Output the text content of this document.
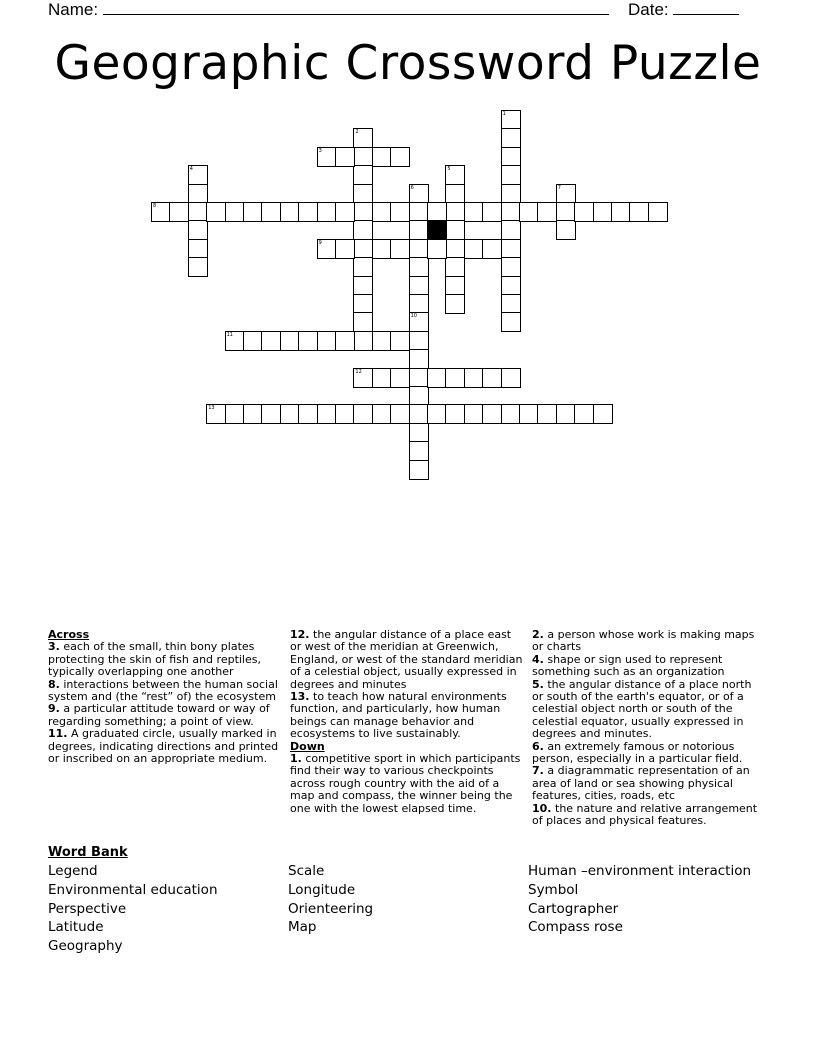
Name:	Date:
Geographic Crossword Puzzle
1
2
3
4	5
6	7
8
9
10
11
12
13

Across

3. each of the small, thin bony plates protecting the skin of fish and reptiles, typically overlapping one another

8. interactions between the human social system and (the “rest” of) the ecosystem

9. a particular attitude toward or way of regarding something; a point of view.

11. A graduated circle, usually marked in degrees, indicating directions and printed or inscribed on an appropriate medium.

12. the angular distance of a place east or west of the meridian at Greenwich, England, or west of the standard meridian of a celestial object, usually expressed in degrees and minutes

13. to teach how natural environments function, and particularly, how human beings can manage behavior and ecosystems to live sustainably.

Down

1. competitive sport in which participants find their way to various checkpoints across rough country with the aid of a map and compass, the winner being the one with the lowest elapsed time.

2. a person whose work is making maps or charts

4. shape or sign used to represent something such as an organization

5. the angular distance of a place north or south of the earth's equator, or of a celestial object north or south of the celestial equator, usually expressed in degrees and minutes.

6. an extremely famous or notorious person, especially in a particular field.

7. a diagrammatic representation of an area of land or sea showing physical features, cities, roads, etc

10. the nature and relative arrangement of places and physical features.

Word Bank
Legend
Environmental education
Perspective
Latitude
Geography
Scale
Longitude
Orienteering
Map
Human –environment interaction
Symbol
Cartographer
Compass rose
